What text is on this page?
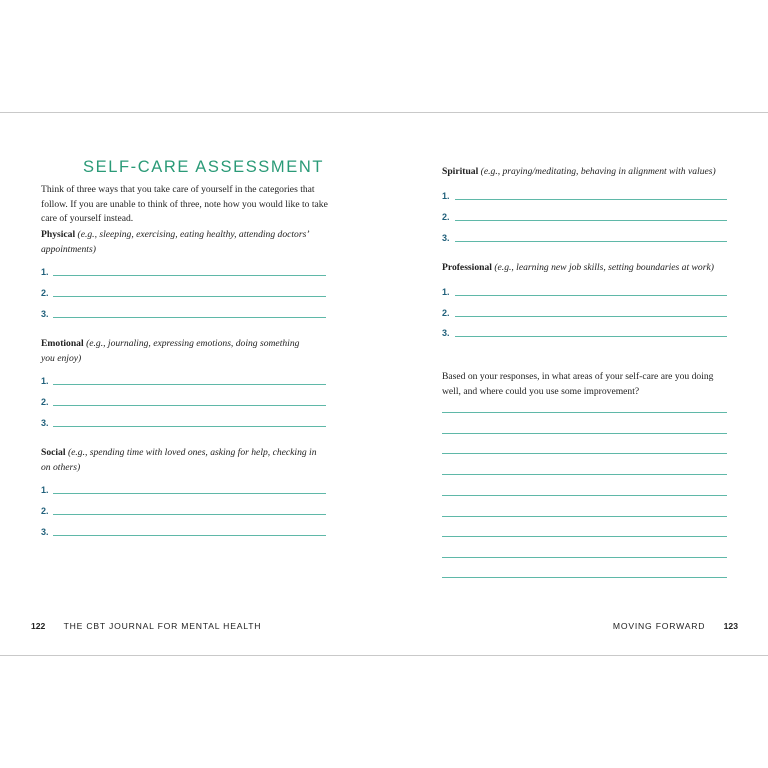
SELF-CARE ASSESSMENT
Think of three ways that you take care of yourself in the categories that follow. If you are unable to think of three, note how you would like to take care of yourself instead.
Physical (e.g., sleeping, exercising, eating healthy, attending doctors’
appointments)
1.
2.
3.
Emotional (e.g., journaling, expressing emotions, doing something
you enjoy)
1.
2.
3.
Social (e.g., spending time with loved ones, asking for help, checking in
on others)
1.
2.
3.
122 THE CBT JOURNAL FOR MENTAL HEALTH
Spiritual (e.g., praying/meditating, behaving in alignment with values)
1.
2.
3.
Professional (e.g., learning new job skills, setting boundaries at work)
1.
2.
3.
Based on your responses, in what areas of your self-care are you doing
well, and where could you use some improvement?
MOVING FORWARD 123
